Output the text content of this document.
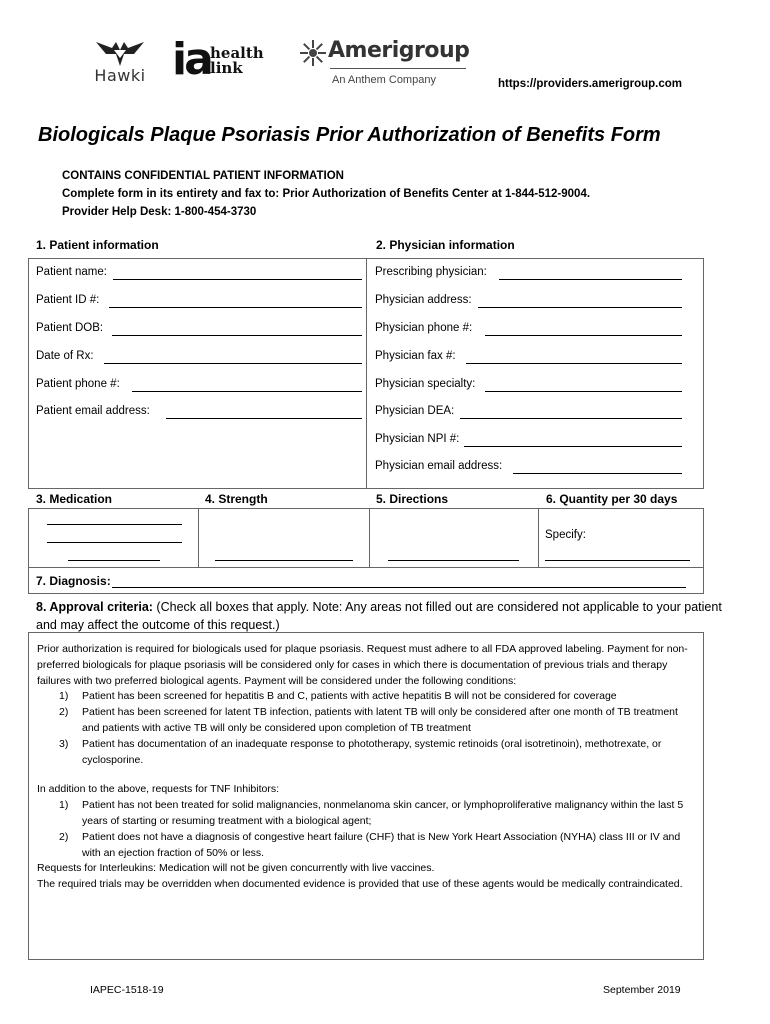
Hawki ia health
link
Amerigroup
An Anthem Company	https://providers.amerigroup.com
Biologicals Plaque Psoriasis Prior Authorization of Benefits Form
CONTAINS CONFIDENTIAL PATIENT INFORMATION
Complete form in its entirety and fax to: Prior Authorization of Benefits Center at 1-844-512-9004.
Provider Help Desk: 1-800-454-3730
1. Patient information	2. Physician information
Patient name:
Patient ID #:
Patient DOB:
Date of Rx:
Patient phone #:
Patient email address:
Prescribing physician:
Physician address:
Physician phone #:
Physician fax #:
Physician specialty:
Physician DEA:
Physician NPI #:
Physician email address:
3. Medication	4. Strength	5. Directions	6. Quantity per 30 days
Specify:
7. Diagnosis:
8. Approval criteria: (Check all boxes that apply. Note: Any areas not filled out are considered not applicable to your patient and may affect the outcome of this request.)

Prior authorization is required for biologicals used for plaque psoriasis. Request must adhere to all FDA approved labeling. Payment for non-preferred biologicals for plaque psoriasis will be considered only for cases in which there is documentation of previous trials and therapy failures with two preferred biological agents. Payment will be considered under the following conditions:

1) Patient has been screened for hepatitis B and C, patients with active hepatitis B will not be considered for coverage
2) Patient has been screened for latent TB infection, patients with latent TB will only be considered after one month of TB treatment and patients with active TB will only be considered upon completion of TB treatment
3) Patient has documentation of an inadequate response to phototherapy, systemic retinoids (oral isotretinoin), methotrexate, or cyclosporine.

In addition to the above, requests for TNF Inhibitors:

1) Patient has not been treated for solid malignancies, nonmelanoma skin cancer, or lymphoproliferative malignancy within the last 5 years of starting or resuming treatment with a biological agent;
2) Patient does not have a diagnosis of congestive heart failure (CHF) that is New York Heart Association (NYHA) class III or IV and with an ejection fraction of 50% or less.

Requests for Interleukins: Medication will not be given concurrently with live vaccines.

The required trials may be overridden when documented evidence is provided that use of these agents would be medically contraindicated.

IAPEC-1518-19	September 2019
